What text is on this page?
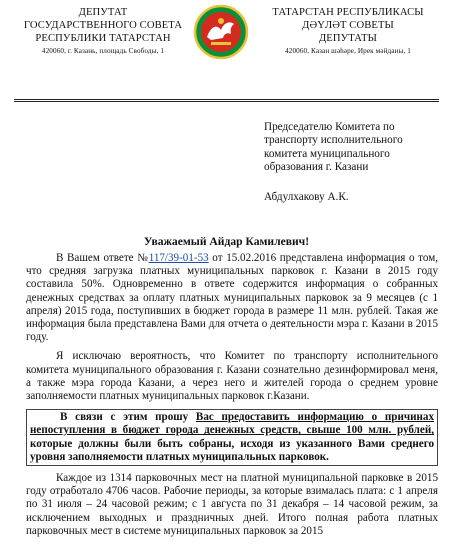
ДЕПУТАТ
ГОСУДАРСТВЕННОГО СОВЕТА
РЕСПУБЛИКИ ТАТАРСТАН
420060, г. Казань, площадь Свободы, 1
ТАТАРСТАН РЕСПУБЛИКАСЫ
ДӘҮЛӘТ СОВЕТЫ
ДЕПУТАТЫ
420060, Казан шәһәре, Ирек мәйданы, 1
Председателю Комитета по
транспорту исполнительного
комитета муниципального
образования г. Казани
Абдулхакову А.К.
Уважаемый Айдар Камилевич!

В Вашем ответе №117/39-01-53 от 15.02.2016 представлена информация о том, что средняя загрузка платных муниципальных парковок г. Казани в 2015 году составила 50%. Одновременно в ответе содержится информация о собранных денежных средствах за оплату платных муниципальных парковок за 9 месяцев (с 1 апреля) 2015 года, поступивших в бюджет города в размере 11 млн. рублей. Такая же информация была представлена Вами для отчета о деятельности мэра г. Казани в 2015 году.

Я исключаю вероятность, что Комитет по транспорту исполнительного комитета муниципального образования г. Казани сознательно дезинформировал меня, а также мэра города Казани, а через него и жителей города о среднем уровне заполняемости платных муниципальных парковок г.Казани.

В связи с этим прошу Вас предоставить информацию о причинах непоступления в бюджет города денежных средств, свыше 100 млн. рублей, которые должны были быть собраны, исходя из указанного Вами среднего уровня заполняемости платных муниципальных парковок.

Каждое из 1314 парковочных мест на платной муниципальной парковке в 2015 году отработало 4706 часов. Рабочие периоды, за которые взималась плата: с 1 апреля по 31 июля – 24 часовой режим; с 1 августа по 31 декабря – 14 часовой режим, за исключением выходных и праздничных дней. Итого полная работа платных парковочных мест в системе муниципальных парковок за 2015
